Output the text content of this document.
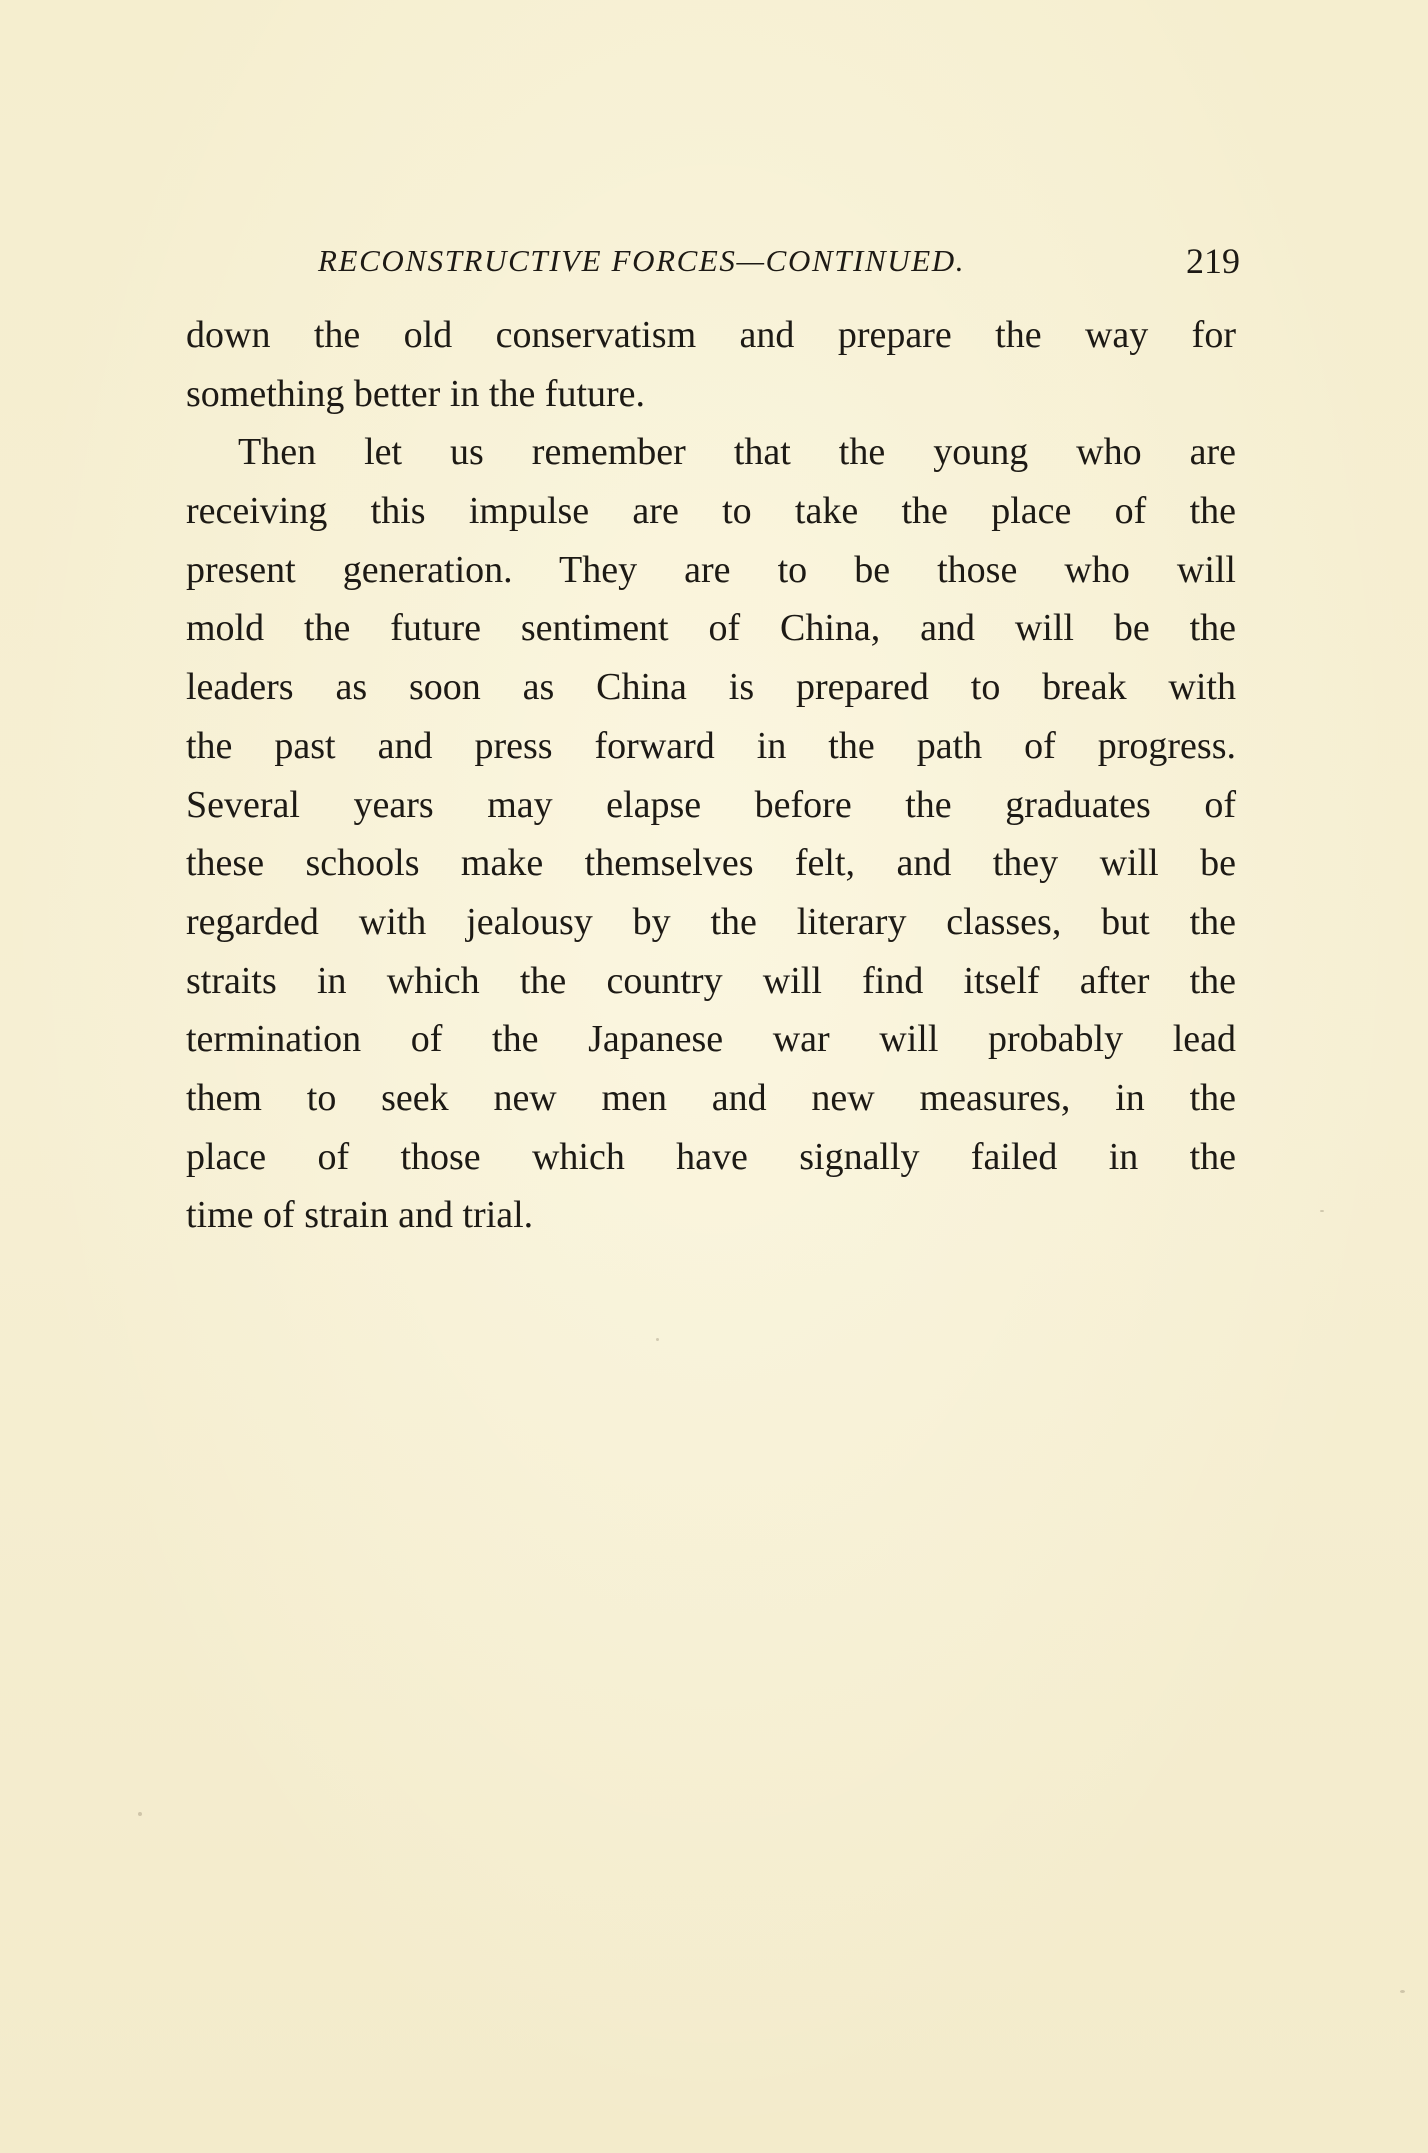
RECONSTRUCTIVE FORCES—CONTINUED.	219
down the old conservatism and prepare the way for
something better in the future.
Then let us remember that the young who are
receiving this impulse are to take the place of the
present generation. They are to be those who will
mold the future sentiment of China, and will be the
leaders as soon as China is prepared to break with
the past and press forward in the path of progress.
Several years may elapse before the graduates of
these schools make themselves felt, and they will be
regarded with jealousy by the literary classes, but the
straits in which the country will find itself after the
termination of the Japanese war will probably lead
them to seek new men and new measures, in the
place of those which have signally failed in the
time of strain and trial.
